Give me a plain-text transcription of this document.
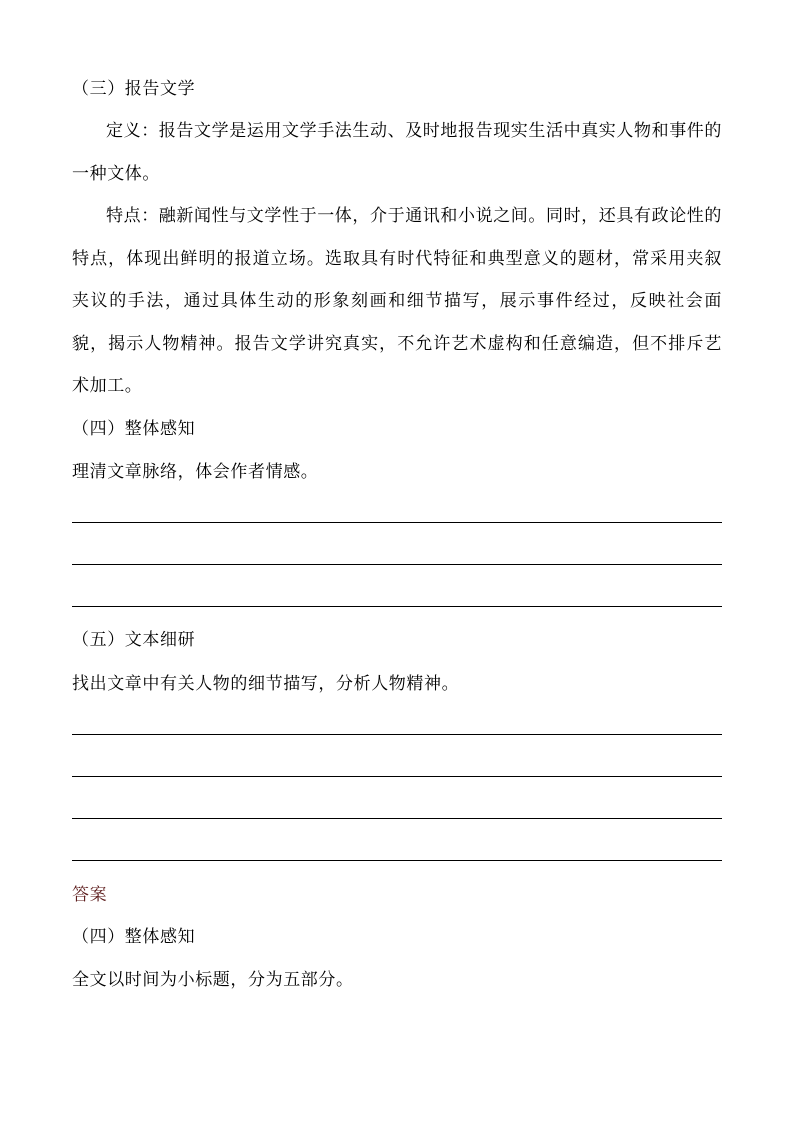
（三）报告文学
定义：报告文学是运用文学手法生动、及时地报告现实生活中真实人物和事件的一种文体。
特点：融新闻性与文学性于一体，介于通讯和小说之间。同时，还具有政论性的特点，体现出鲜明的报道立场。选取具有时代特征和典型意义的题材，常采用夹叙夹议的手法，通过具体生动的形象刻画和细节描写，展示事件经过，反映社会面貌，揭示人物精神。报告文学讲究真实，不允许艺术虚构和任意编造，但不排斥艺术加工。
（四）整体感知
理清文章脉络，体会作者情感。
（五）文本细研
找出文章中有关人物的细节描写，分析人物精神。
答案
（四）整体感知
全文以时间为小标题，分为五部分。
